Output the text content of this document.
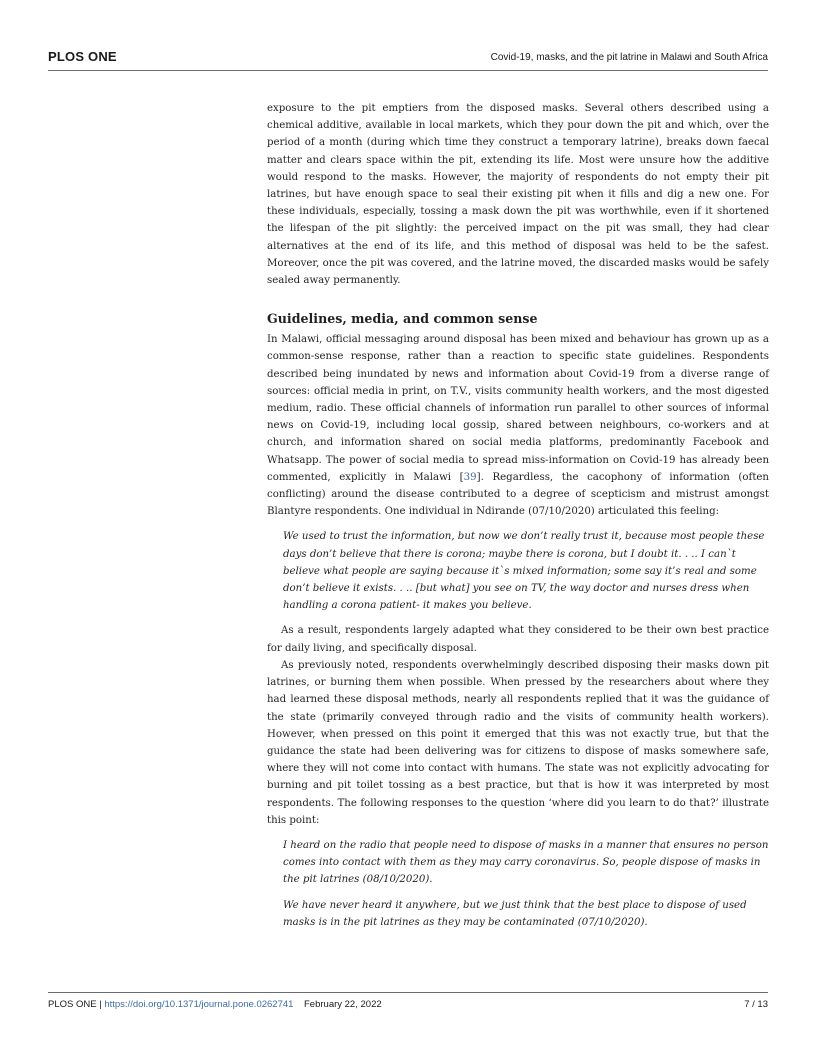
PLOS ONE	Covid-19, masks, and the pit latrine in Malawi and South Africa

exposure to the pit emptiers from the disposed masks. Several others described using a chemical additive, available in local markets, which they pour down the pit and which, over the period of a month (during which time they construct a temporary latrine), breaks down faecal matter and clears space within the pit, extending its life. Most were unsure how the additive would respond to the masks. However, the majority of respondents do not empty their pit latrines, but have enough space to seal their existing pit when it fills and dig a new one. For these individuals, especially, tossing a mask down the pit was worthwhile, even if it shortened the lifespan of the pit slightly: the perceived impact on the pit was small, they had clear alternatives at the end of its life, and this method of disposal was held to be the safest. Moreover, once the pit was covered, and the latrine moved, the discarded masks would be safely sealed away permanently.

Guidelines, media, and common sense

In Malawi, official messaging around disposal has been mixed and behaviour has grown up as a common-sense response, rather than a reaction to specific state guidelines. Respondents described being inundated by news and information about Covid-19 from a diverse range of sources: official media in print, on T.V., visits community health workers, and the most digested medium, radio. These official channels of information run parallel to other sources of informal news on Covid-19, including local gossip, shared between neighbours, co-workers and at church, and information shared on social media platforms, predominantly Facebook and Whatsapp. The power of social media to spread miss-information on Covid-19 has already been commented, explicitly in Malawi [39]. Regardless, the cacophony of information (often conflicting) around the disease contributed to a degree of scepticism and mistrust amongst Blantyre respondents. One individual in Ndirande (07/10/2020) articulated this feeling:

We used to trust the information, but now we don’t really trust it, because most people these days don’t believe that there is corona; maybe there is corona, but I doubt it. . .. I can`t believe what people are saying because it`s mixed information; some say it’s real and some don’t believe it exists. . .. [but what] you see on TV, the way doctor and nurses dress when handling a corona patient- it makes you believe.

As a result, respondents largely adapted what they considered to be their own best practice for daily living, and specifically disposal.

As previously noted, respondents overwhelmingly described disposing their masks down pit latrines, or burning them when possible. When pressed by the researchers about where they had learned these disposal methods, nearly all respondents replied that it was the guidance of the state (primarily conveyed through radio and the visits of community health workers). However, when pressed on this point it emerged that this was not exactly true, but that the guidance the state had been delivering was for citizens to dispose of masks somewhere safe, where they will not come into contact with humans. The state was not explicitly advocating for burning and pit toilet tossing as a best practice, but that is how it was interpreted by most respondents. The following responses to the question ‘where did you learn to do that?’ illustrate this point:

I heard on the radio that people need to dispose of masks in a manner that ensures no person comes into contact with them as they may carry coronavirus. So, people dispose of masks in the pit latrines (08/10/2020).

We have never heard it anywhere, but we just think that the best place to dispose of used masks is in the pit latrines as they may be contaminated (07/10/2020).

PLOS ONE | https://doi.org/10.1371/journal.pone.0262741 February 22, 2022	7 / 13
